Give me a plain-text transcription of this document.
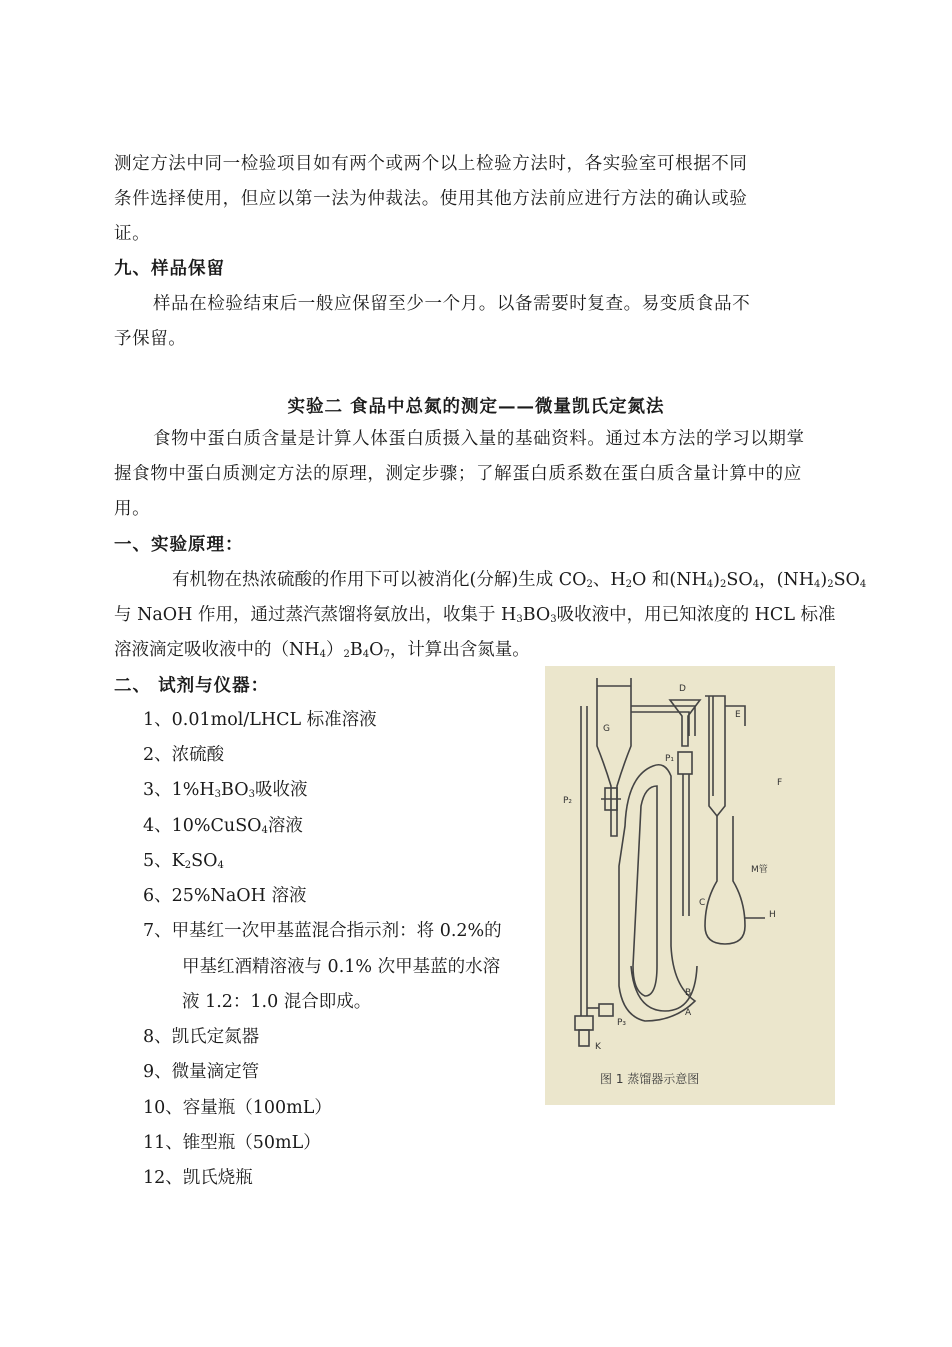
测定方法中同一检验项目如有两个或两个以上检验方法时，各实验室可根据不同
条件选择使用，但应以第一法为仲裁法。使用其他方法前应进行方法的确认或验
证。
九、样品保留
样品在检验结束后一般应保留至少一个月。以备需要时复查。易变质食品不
予保留。
实验二 食品中总氮的测定——微量凯氏定氮法
食物中蛋白质含量是计算人体蛋白质摄入量的基础资料。通过本方法的学习以期掌
握食物中蛋白质测定方法的原理，测定步骤；了解蛋白质系数在蛋白质含量计算中的应
用。
一、实验原理：
有机物在热浓硫酸的作用下可以被消化(分解)生成 $CO_2$、$H_2O$ 和$(NH_4)_2SO_4$，$(NH_4)_2SO_4$
与 NaOH 作用，通过蒸汽蒸馏将氨放出，收集于 $H_3BO_3$吸收液中，用已知浓度的 HCL 标准
溶液滴定吸收液中的$(NH_4)_2B_4O_7$，计算出含氮量。
二、 试剂与仪器：
1、0.01mol/LHCL 标准溶液
2、浓硫酸
3、$1\%H_3BO_3$吸收液
4、10%CuSO$_4$溶液
5、$K_2SO_4$
6、25%NaOH 溶液
7、甲基红一次甲基蓝混合指示剂：将 0.2%的
甲基红酒精溶液与 0.1% 次甲基蓝的水溶
液 1.2：1.0 混合即成。
8、凯氏定氮器
9、微量滴定管
10、容量瓶（100mL）
11、锥型瓶（50mL）
12、凯氏烧瓶
D
E
G
P₂
P₁
F
M管
C
H
B
A
P₃
K
图 1 蒸馏器示意图
